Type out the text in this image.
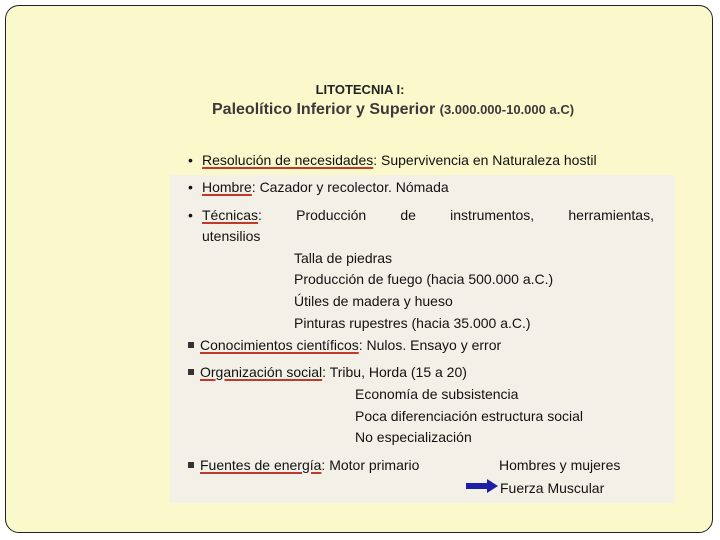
LITOTECNIA I:
Paleolítico Inferior y Superior (3.000.000-10.000 a.C)
• Resolución de necesidades: Supervivencia en Naturaleza hostil
• Hombre: Cazador y recolector. Nómada
• Técnicas: Producción de instrumentos, herramientas,
utensilios
Talla de piedras
Producción de fuego (hacia 500.000 a.C.)
Útiles de madera y hueso
Pinturas rupestres (hacia 35.000 a.C.)
Conocimientos científicos: Nulos. Ensayo y error
Organización social: Tribu, Horda (15 a 20)
Economía de subsistencia
Poca diferenciación estructura social
No especialización
Fuentes de energía: Motor primario	Hombres y mujeres
Fuerza Muscular
